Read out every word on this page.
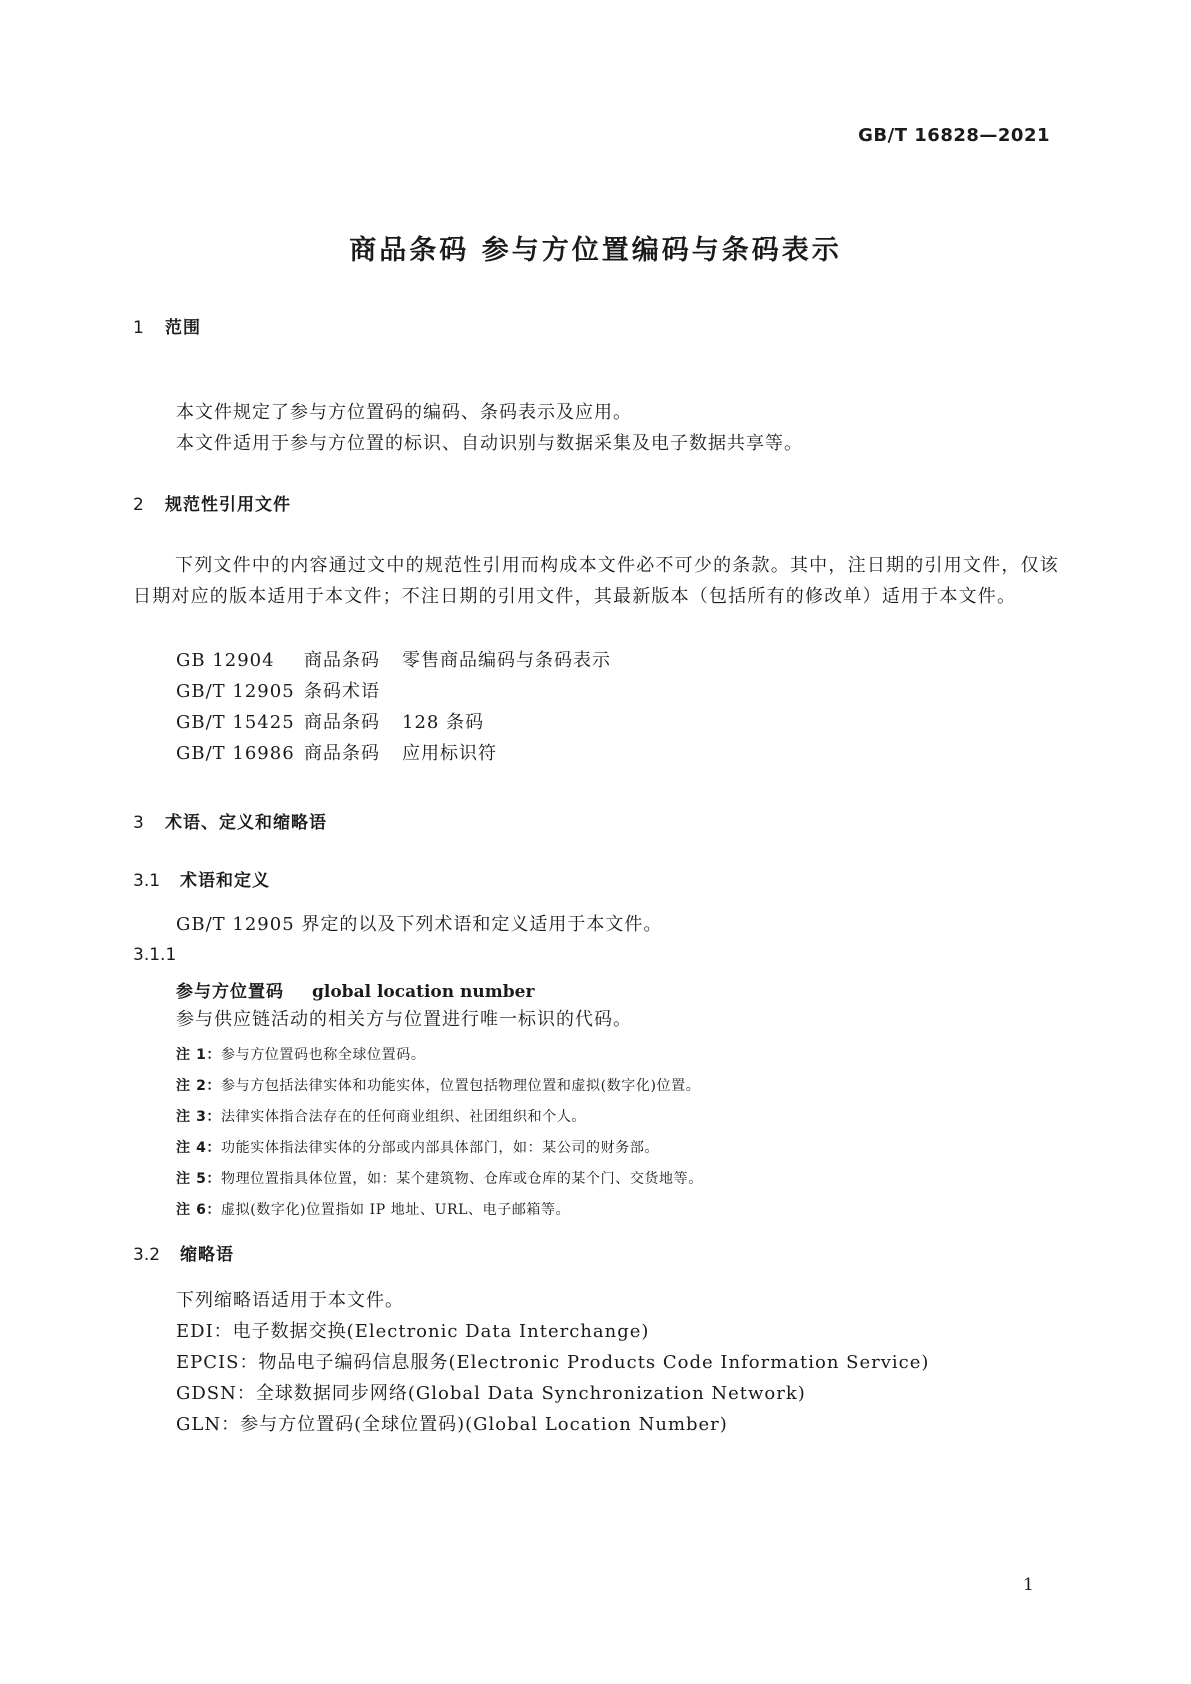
GB/T 16828—2021
商品条码 参与方位置编码与条码表示
1 范围
本文件规定了参与方位置码的编码、条码表示及应用。
本文件适用于参与方位置的标识、自动识别与数据采集及电子数据共享等。
2 规范性引用文件
下列文件中的内容通过文中的规范性引用而构成本文件必不可少的条款。其中，注日期的引用文件，仅该日期对应的版本适用于本文件；不注日期的引用文件，其最新版本（包括所有的修改单）适用于本文件。
GB 12904 商品条码 零售商品编码与条码表示
GB/T 12905 条码术语
GB/T 15425 商品条码 128 条码
GB/T 16986 商品条码 应用标识符
3 术语、定义和缩略语
3.1 术语和定义
GB/T 12905 界定的以及下列术语和定义适用于本文件。
3.1.1
参与方位置码 global location number
参与供应链活动的相关方与位置进行唯一标识的代码。
注 1：参与方位置码也称全球位置码。
注 2：参与方包括法律实体和功能实体，位置包括物理位置和虚拟(数字化)位置。
注 3：法律实体指合法存在的任何商业组织、社团组织和个人。
注 4：功能实体指法律实体的分部或内部具体部门，如：某公司的财务部。
注 5：物理位置指具体位置，如：某个建筑物、仓库或仓库的某个门、交货地等。
注 6：虚拟(数字化)位置指如 IP 地址、URL、电子邮箱等。
3.2 缩略语
下列缩略语适用于本文件。
EDI：电子数据交换(Electronic Data Interchange)
EPCIS：物品电子编码信息服务(Electronic Products Code Information Service)
GDSN：全球数据同步网络(Global Data Synchronization Network)
GLN：参与方位置码(全球位置码)(Global Location Number)
1
